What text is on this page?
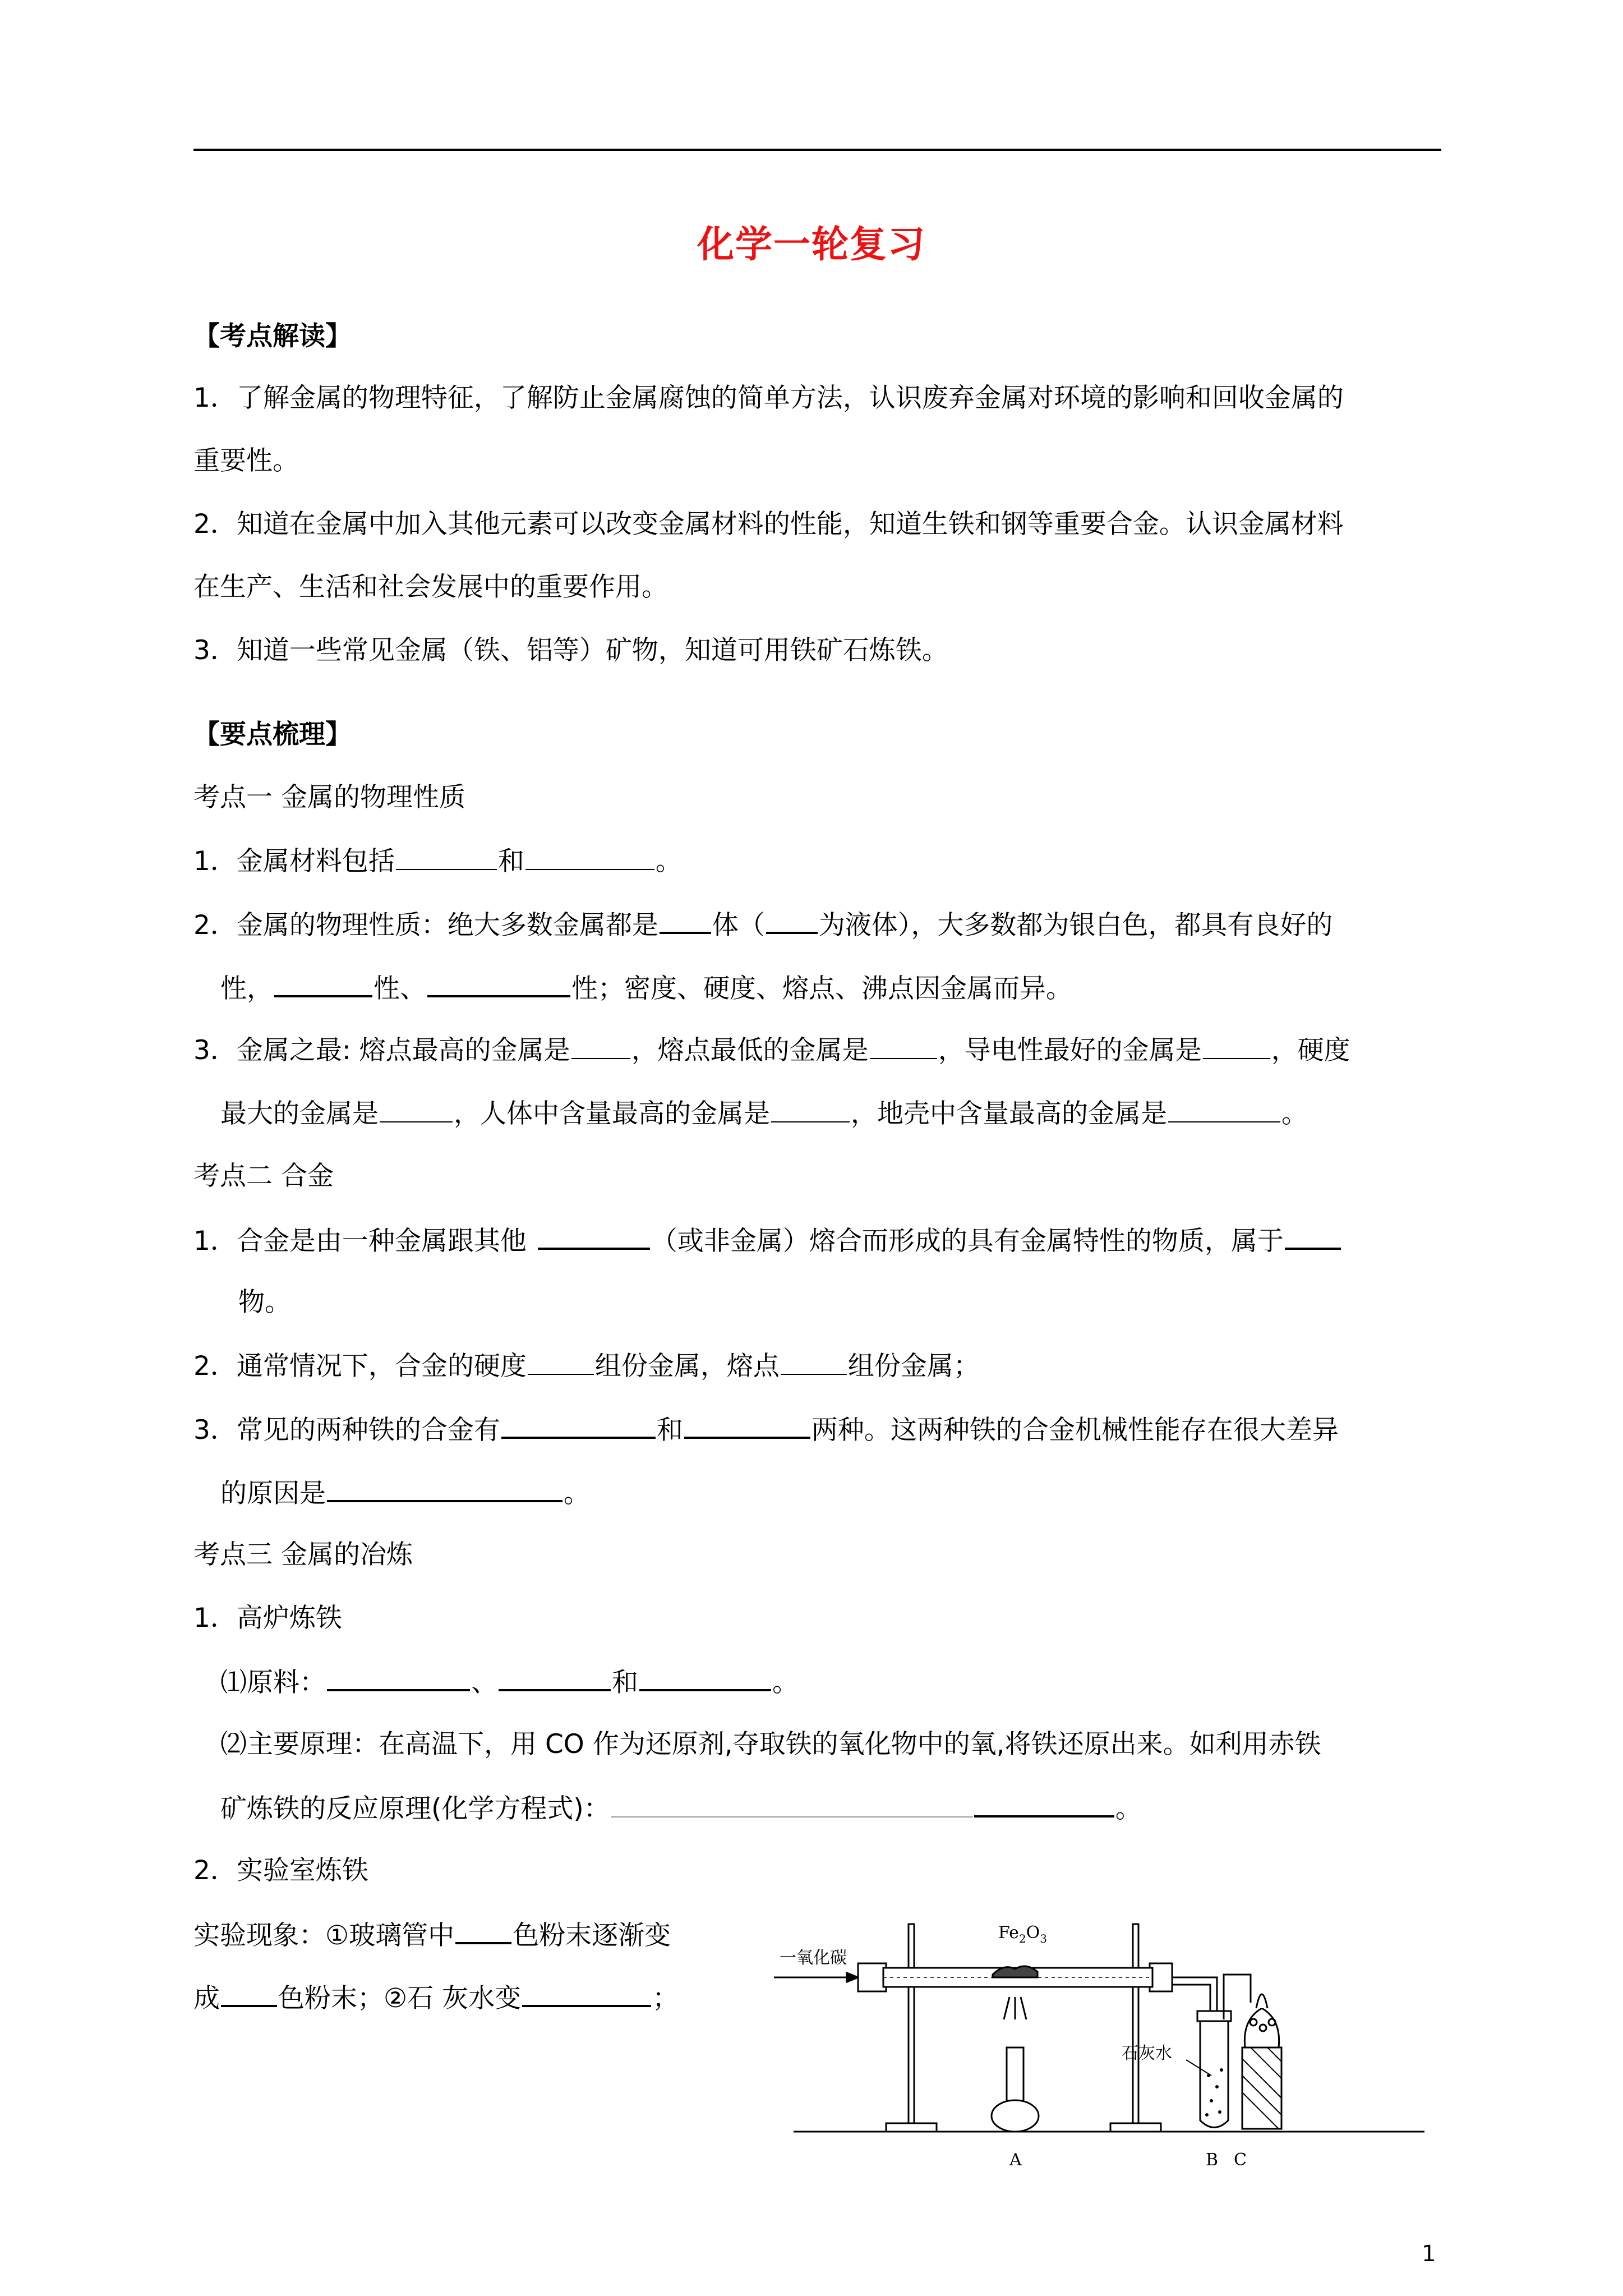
化学一轮复习
【考点解读】
1．了解金属的物理特征，了解防止金属腐蚀的简单方法，认识废弃金属对环境的影响和回收金属的
重要性。
2．知道在金属中加入其他元素可以改变金属材料的性能，知道生铁和钢等重要合金。认识金属材料
在生产、生活和社会发展中的重要作用。
3．知道一些常见金属（铁、铝等）矿物，知道可用铁矿石炼铁。
【要点梳理】
考点一 金属的物理性质
1．金属材料包括	和	。
2．金属的物理性质：绝大多数金属都是 体（ 为液体），大多数都为银白色，都具有良好的
性，	性、	性；密度、硬度、熔点、沸点因金属而异。
3．金属之最: 熔点最高的金属是 ，熔点最低的金属是	，导电性最好的金属是	，硬度
最大的金属是	，人体中含量最高的金属是	，地壳中含量最高的金属是	。
考点二 合金
1．合金是由一种金属跟其他	（或非金属）熔合而形成的具有金属特性的物质，属于
物。
2．通常情况下，合金的硬度	组份金属，熔点	组份金属；
3．常见的两种铁的合金有	和	两种。这两种铁的合金机械性能存在很大差异
的原因是	。
考点三 金属的冶炼
1．高炉炼铁
⑴原料：	、	和	。
⑵主要原理：在高温下，用 CO 作为还原剂,夺取铁的氧化物中的氧,将铁还原出来。如利用赤铁
矿炼铁的反应原理(化学方程式)：	。
2．实验室炼铁
实验现象：①玻璃管中 色粉末逐渐变
成 色粉末；②石 灰水变	；
一氧化碳
$Fe_2O_3$
石灰水
A	B C
1
